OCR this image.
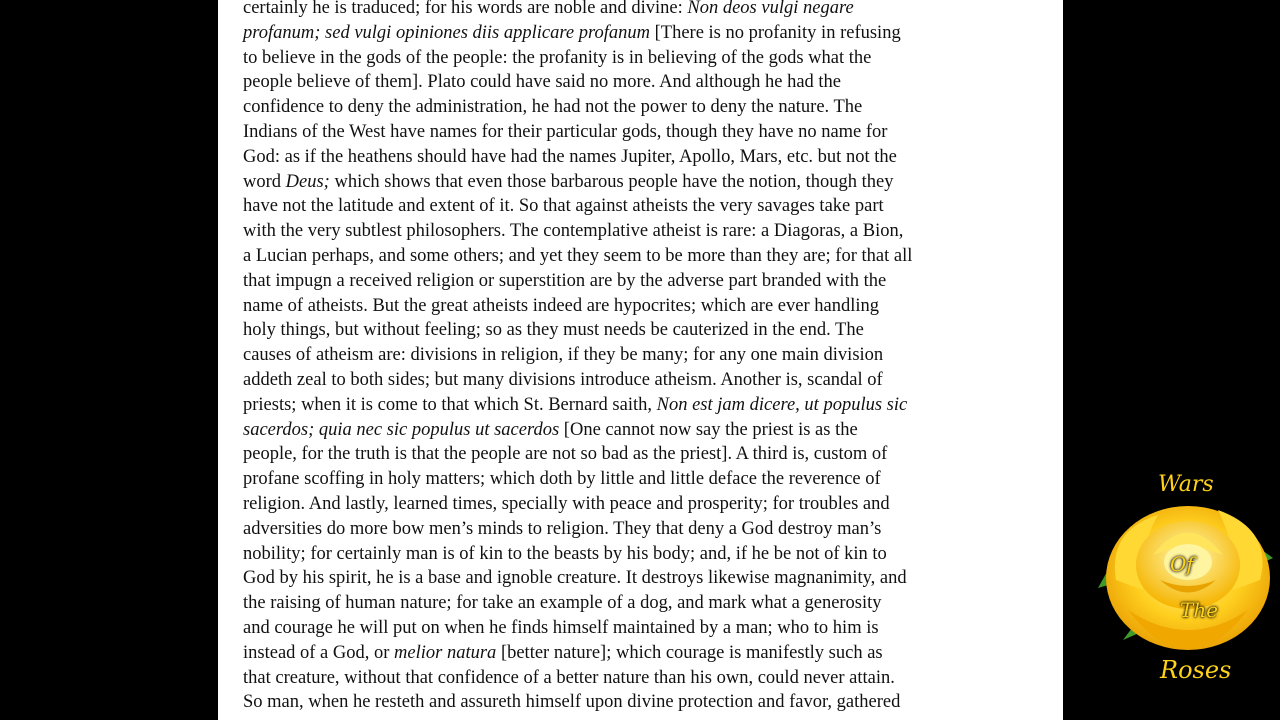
certainly he is traduced; for his words are noble and divine: Non deos vulgi negare
profanum; sed vulgi opiniones diis applicare profanum [There is no profanity in refusing
to believe in the gods of the people: the profanity is in believing of the gods what the
people believe of them]. Plato could have said no more. And although he had the
confidence to deny the administration, he had not the power to deny the nature. The
Indians of the West have names for their particular gods, though they have no name for
God: as if the heathens should have had the names Jupiter, Apollo, Mars, etc. but not the
word Deus; which shows that even those barbarous people have the notion, though they
have not the latitude and extent of it. So that against atheists the very savages take part
with the very subtlest philosophers. The contemplative atheist is rare: a Diagoras, a Bion,
a Lucian perhaps, and some others; and yet they seem to be more than they are; for that all
that impugn a received religion or superstition are by the adverse part branded with the
name of atheists. But the great atheists indeed are hypocrites; which are ever handling
holy things, but without feeling; so as they must needs be cauterized in the end. The
causes of atheism are: divisions in religion, if they be many; for any one main division
addeth zeal to both sides; but many divisions introduce atheism. Another is, scandal of
priests; when it is come to that which St. Bernard saith, Non est jam dicere, ut populus sic
sacerdos; quia nec sic populus ut sacerdos [One cannot now say the priest is as the
people, for the truth is that the people are not so bad as the priest]. A third is, custom of
profane scoffing in holy matters; which doth by little and little deface the reverence of
religion. And lastly, learned times, specially with peace and prosperity; for troubles and
adversities do more bow men’s minds to religion. They that deny a God destroy man’s
nobility; for certainly man is of kin to the beasts by his body; and, if he be not of kin to
God by his spirit, he is a base and ignoble creature. It destroys likewise magnanimity, and
the raising of human nature; for take an example of a dog, and mark what a generosity
and courage he will put on when he finds himself maintained by a man; who to him is
instead of a God, or melior natura [better nature]; which courage is manifestly such as
that creature, without that confidence of a better nature than his own, could never attain.
So man, when he resteth and assureth himself upon divine protection and favor, gathered
Wars
Of
The
Roses
